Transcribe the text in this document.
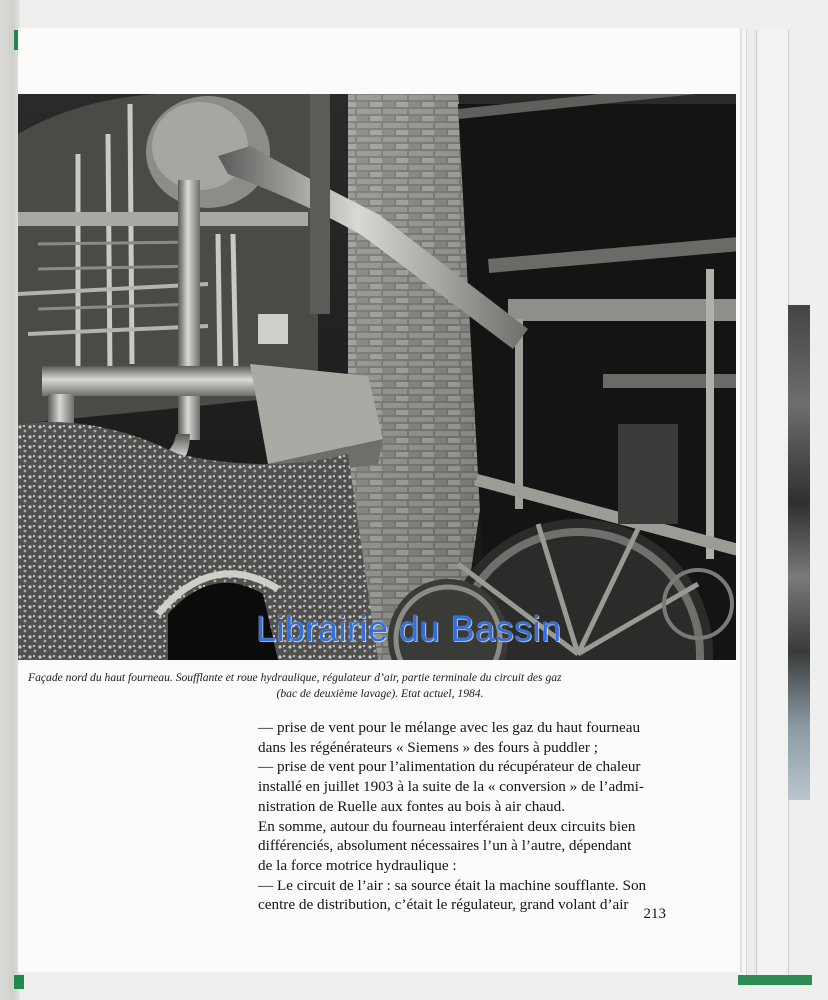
Librairie du Bassin

Façade nord du haut fourneau. Soufflante et roue hydraulique, régulateur d’air, partie terminale du circuit des gaz
(bac de deuxième lavage). Etat actuel, 1984.

— prise de vent pour le mélange avec les gaz du haut fourneau
dans les régénérateurs « Siemens » des fours à puddler ;
— prise de vent pour l’alimentation du récupérateur de chaleur
installé en juillet 1903 à la suite de la « conversion » de l’admi-
nistration de Ruelle aux fontes au bois à air chaud.
En somme, autour du fourneau interféraient deux circuits bien
différenciés, absolument nécessaires l’un à l’autre, dépendant
de la force motrice hydraulique :
— Le circuit de l’air : sa source était la machine soufflante. Son
centre de distribution, c’était le régulateur, grand volant d’air
213
